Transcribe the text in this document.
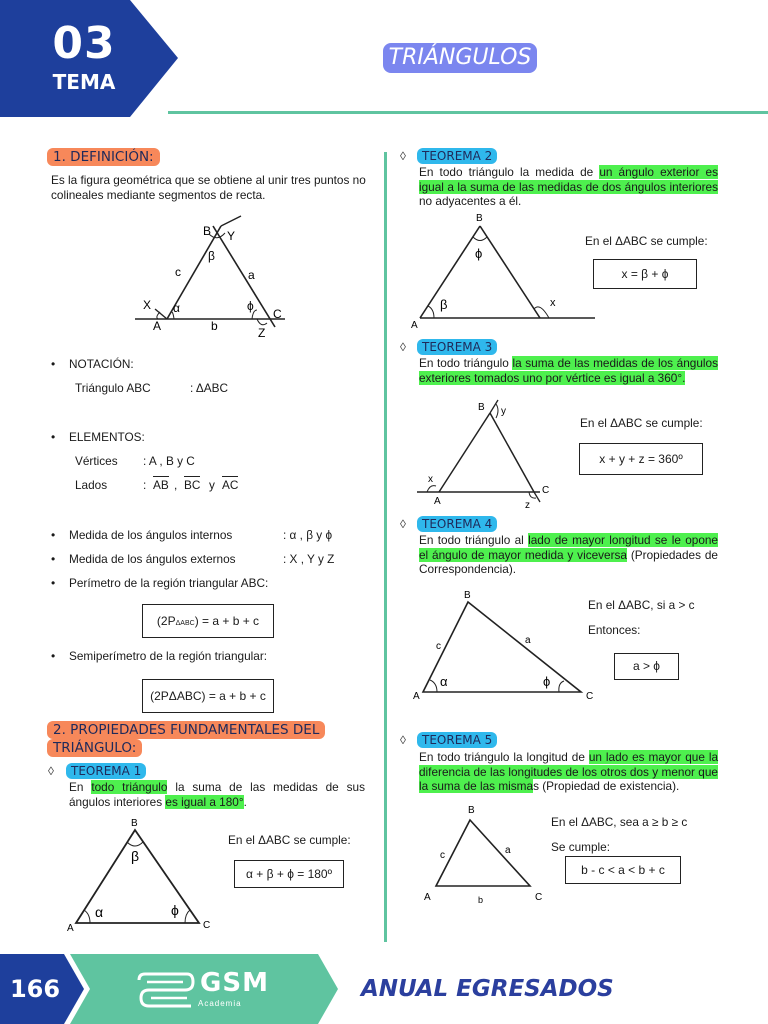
03
TEMA
TRIÁNGULOS I
1. DEFINICIÓN:
Es la figura geométrica que se obtiene al unir tres puntos no colineales mediante segmentos de recta.
B Y
β
c	a
X α	ϕ
C
A	b	Z
• NOTACIÓN:
Triángulo ABC	: ΔABC
• ELEMENTOS:
Vértices : A , B y C
Lados	: AB , BC y AC
• Medida de los ángulos internos	: α , β y ϕ
• Medida de los ángulos externos	: X , Y y Z
• Perímetro de la región triangular ABC:
(2PΔABC) = a + b + c
• Semiperímetro de la región triangular:
(2PΔABC) = a + b + c
2. PROPIEDADES FUNDAMENTALES DEL
TRIÁNGULO:
◊	TEOREMA 1
En todo triángulo la suma de las medidas de sus ángulos interiores es igual a 180°.
B
β
α	ϕ
A	C
En el ΔABC se cumple:
α + β + ϕ = 180º
◊	TEOREMA 2
En todo triángulo la medida de un ángulo exterior es igual a la suma de las medidas de dos ángulos interiores no adyacentes a él.
B
ϕ
β	x
A
En el ΔABC se cumple:
x = β + ϕ
◊	TEOREMA 3
En todo triángulo la suma de las medidas de los ángulos exteriores tomados uno por vértice es igual a 360°.
B y
x
A
C
z
En el ΔABC se cumple:
x + y + z = 360º
◊	TEOREMA 4
En todo triángulo al lado de mayor longitud se le opone el ángulo de mayor medida y viceversa (Propiedades de Correspondencia).
B
c
a
α	ϕ
A	C
En el ΔABC, si a > c
Entonces:
a > ϕ
◊	TEOREMA 5
En todo triángulo la longitud de un lado es mayor que la diferencia de las longitudes de los otros dos y menor que la suma de las mismas (Propiedad de existencia).
B
c	a
A	b	C
En el ΔABC, sea a ≥ b ≥ c
Se cumple:
b - c < a < b + c
166	GSM
Academia
ANUAL EGRESADOS
